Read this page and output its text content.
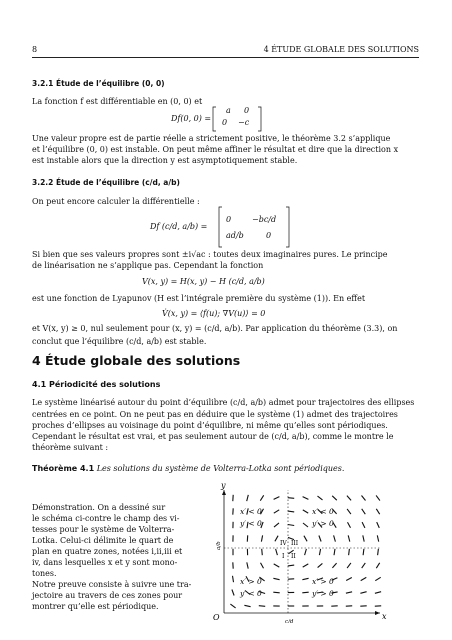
8	4 ÉTUDE GLOBALE DES SOLUTIONS
3.2.1 Étude de l’équilibre (0, 0)
La fonction f est différentiable en (0, 0) et
Df(0, 0) =
a 0
0 −c
Une valeur propre est de partie réelle a strictement positive, le théorème 3.2 s’applique
et l’équilibre (0, 0) est instable. On peut même affiner le résultat et dire que la direction x
est instable alors que la direction y est asymptotiquement stable.
3.2.2 Étude de l’équilibre (c/d, a/b)
On peut encore calculer la différentielle :
Df (c/d, a/b) =
0	−bc/d
ad/b	0
Si bien que ses valeurs propres sont ±i√ac : toutes deux imaginaires pures. Le principe
de linéarisation ne s’applique pas. Cependant la fonction
V(x, y) = H(x, y) − H (c/d, a/b)
est une fonction de Lyapunov (H est l’intégrale première du système (1)). En effet
V̇(x, y) = ⟨f(u); ∇V(u)⟩ = 0
et V(x, y) ≥ 0, nul seulement pour (x, y) = (c/d, a/b). Par application du théorème (3.3), on
conclut que l’équilibre (c/d, a/b) est stable.
4 Étude globale des solutions
4.1 Périodicité des solutions
Le système linéarisé autour du point d’équilibre (c/d, a/b) admet pour trajectoires des ellipses
centrées en ce point. On ne peut pas en déduire que le système (1) admet des trajectoires
proches d’ellipses au voisinage du point d’équilibre, ni même qu’elles sont périodiques.
Cependant le résultat est vrai, et pas seulement autour de (c/d, a/b), comme le montre le
théorème suivant :
Théorème 4.1 Les solutions du système de Volterra-Lotka sont périodiques.
Démonstration. On a dessiné sur
le schéma ci-contre le champ des vi-
tesses pour le système de Volterra-
Lotka. Celui-ci délimite le quart de
plan en quatre zones, notées i,ii,iii et
iv, dans lesquelles x et y sont mono-
tones.
Notre preuve consiste à suivre une tra-
jectoire au travers de ces zones pour
montrer qu’elle est périodique.
y
x
O
a/b
c/d
IV III
I II
x′ < 0
y′ < 0
x′ < 0
y′ > 0
x′ > 0
y′ < 0
x′ > 0
y′ > 0
